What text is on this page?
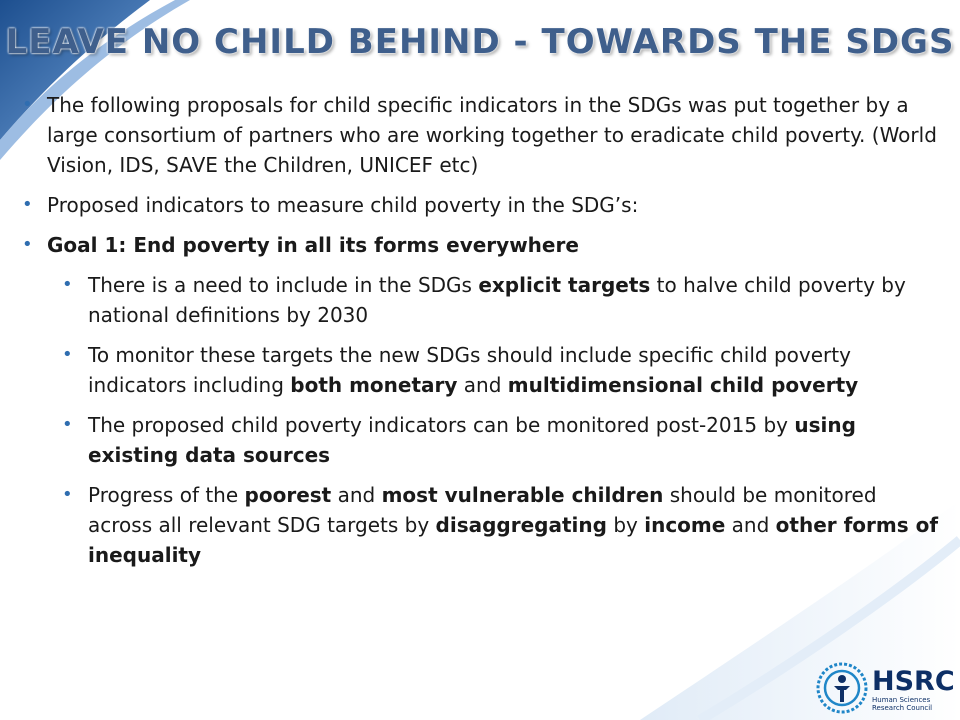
LEAVE NO CHILD BEHIND - TOWARDS THE SDGS
• The following proposals for child specific indicators in the SDGs was put together by a large consortium of partners who are working together to eradicate child poverty. (World Vision, IDS, SAVE the Children, UNICEF etc)
• Proposed indicators to measure child poverty in the SDG’s:
• Goal 1: End poverty in all its forms everywhere
• There is a need to include in the SDGs explicit targets to halve child poverty by national definitions by 2030
• To monitor these targets the new SDGs should include specific child poverty indicators including both monetary and multidimensional child poverty
• The proposed child poverty indicators can be monitored post-2015 by using existing data sources
• Progress of the poorest and most vulnerable children should be monitored across all relevant SDG targets by disaggregating by income and other forms of inequality
HSRC
Human Sciences
Research Council
